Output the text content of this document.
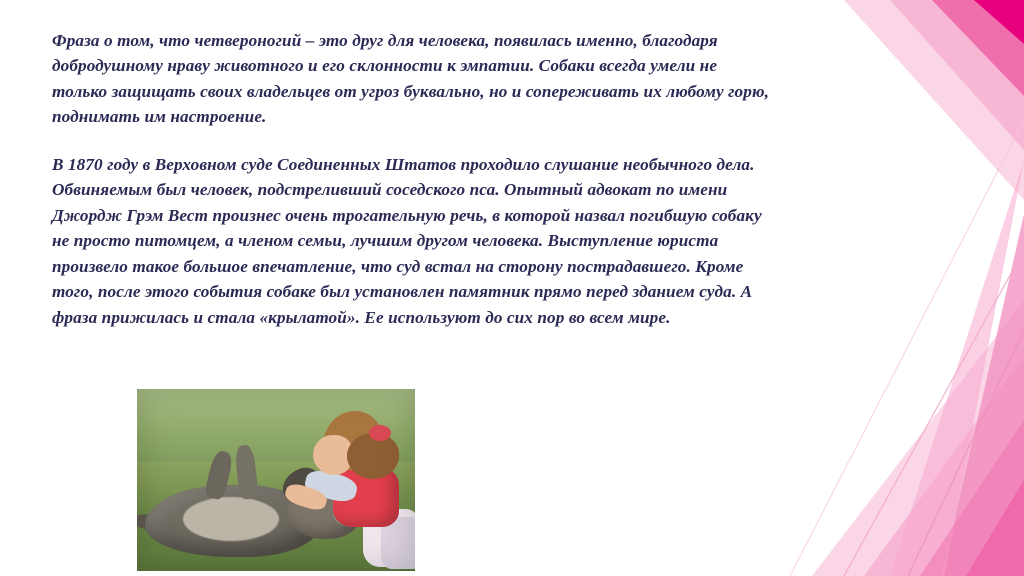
Фраза о том, что четвероногий – это друг для человека, появилась именно, благодаря добродушному нраву животного и его склонности к эмпатии. Собаки всегда умели не только защищать своих владельцев от угроз буквально, но и сопереживать их любому горю, поднимать им настроение.

В 1870 году в Верховном суде Соединенных Штатов проходило слушание необычного дела. Обвиняемым был человек, подстреливший соседского пса. Опытный адвокат по имени Джордж Грэм Вест произнес очень трогательную речь, в которой назвал погибшую собаку не просто питомцем, а членом семьи, лучшим другом человека. Выступление юриста произвело такое большое впечатление, что суд встал на сторону пострадавшего. Кроме того, после этого события собаке был установлен памятник прямо перед зданием суда. А фраза прижилась и стала «крылатой». Ее используют до сих пор во всем мире.
